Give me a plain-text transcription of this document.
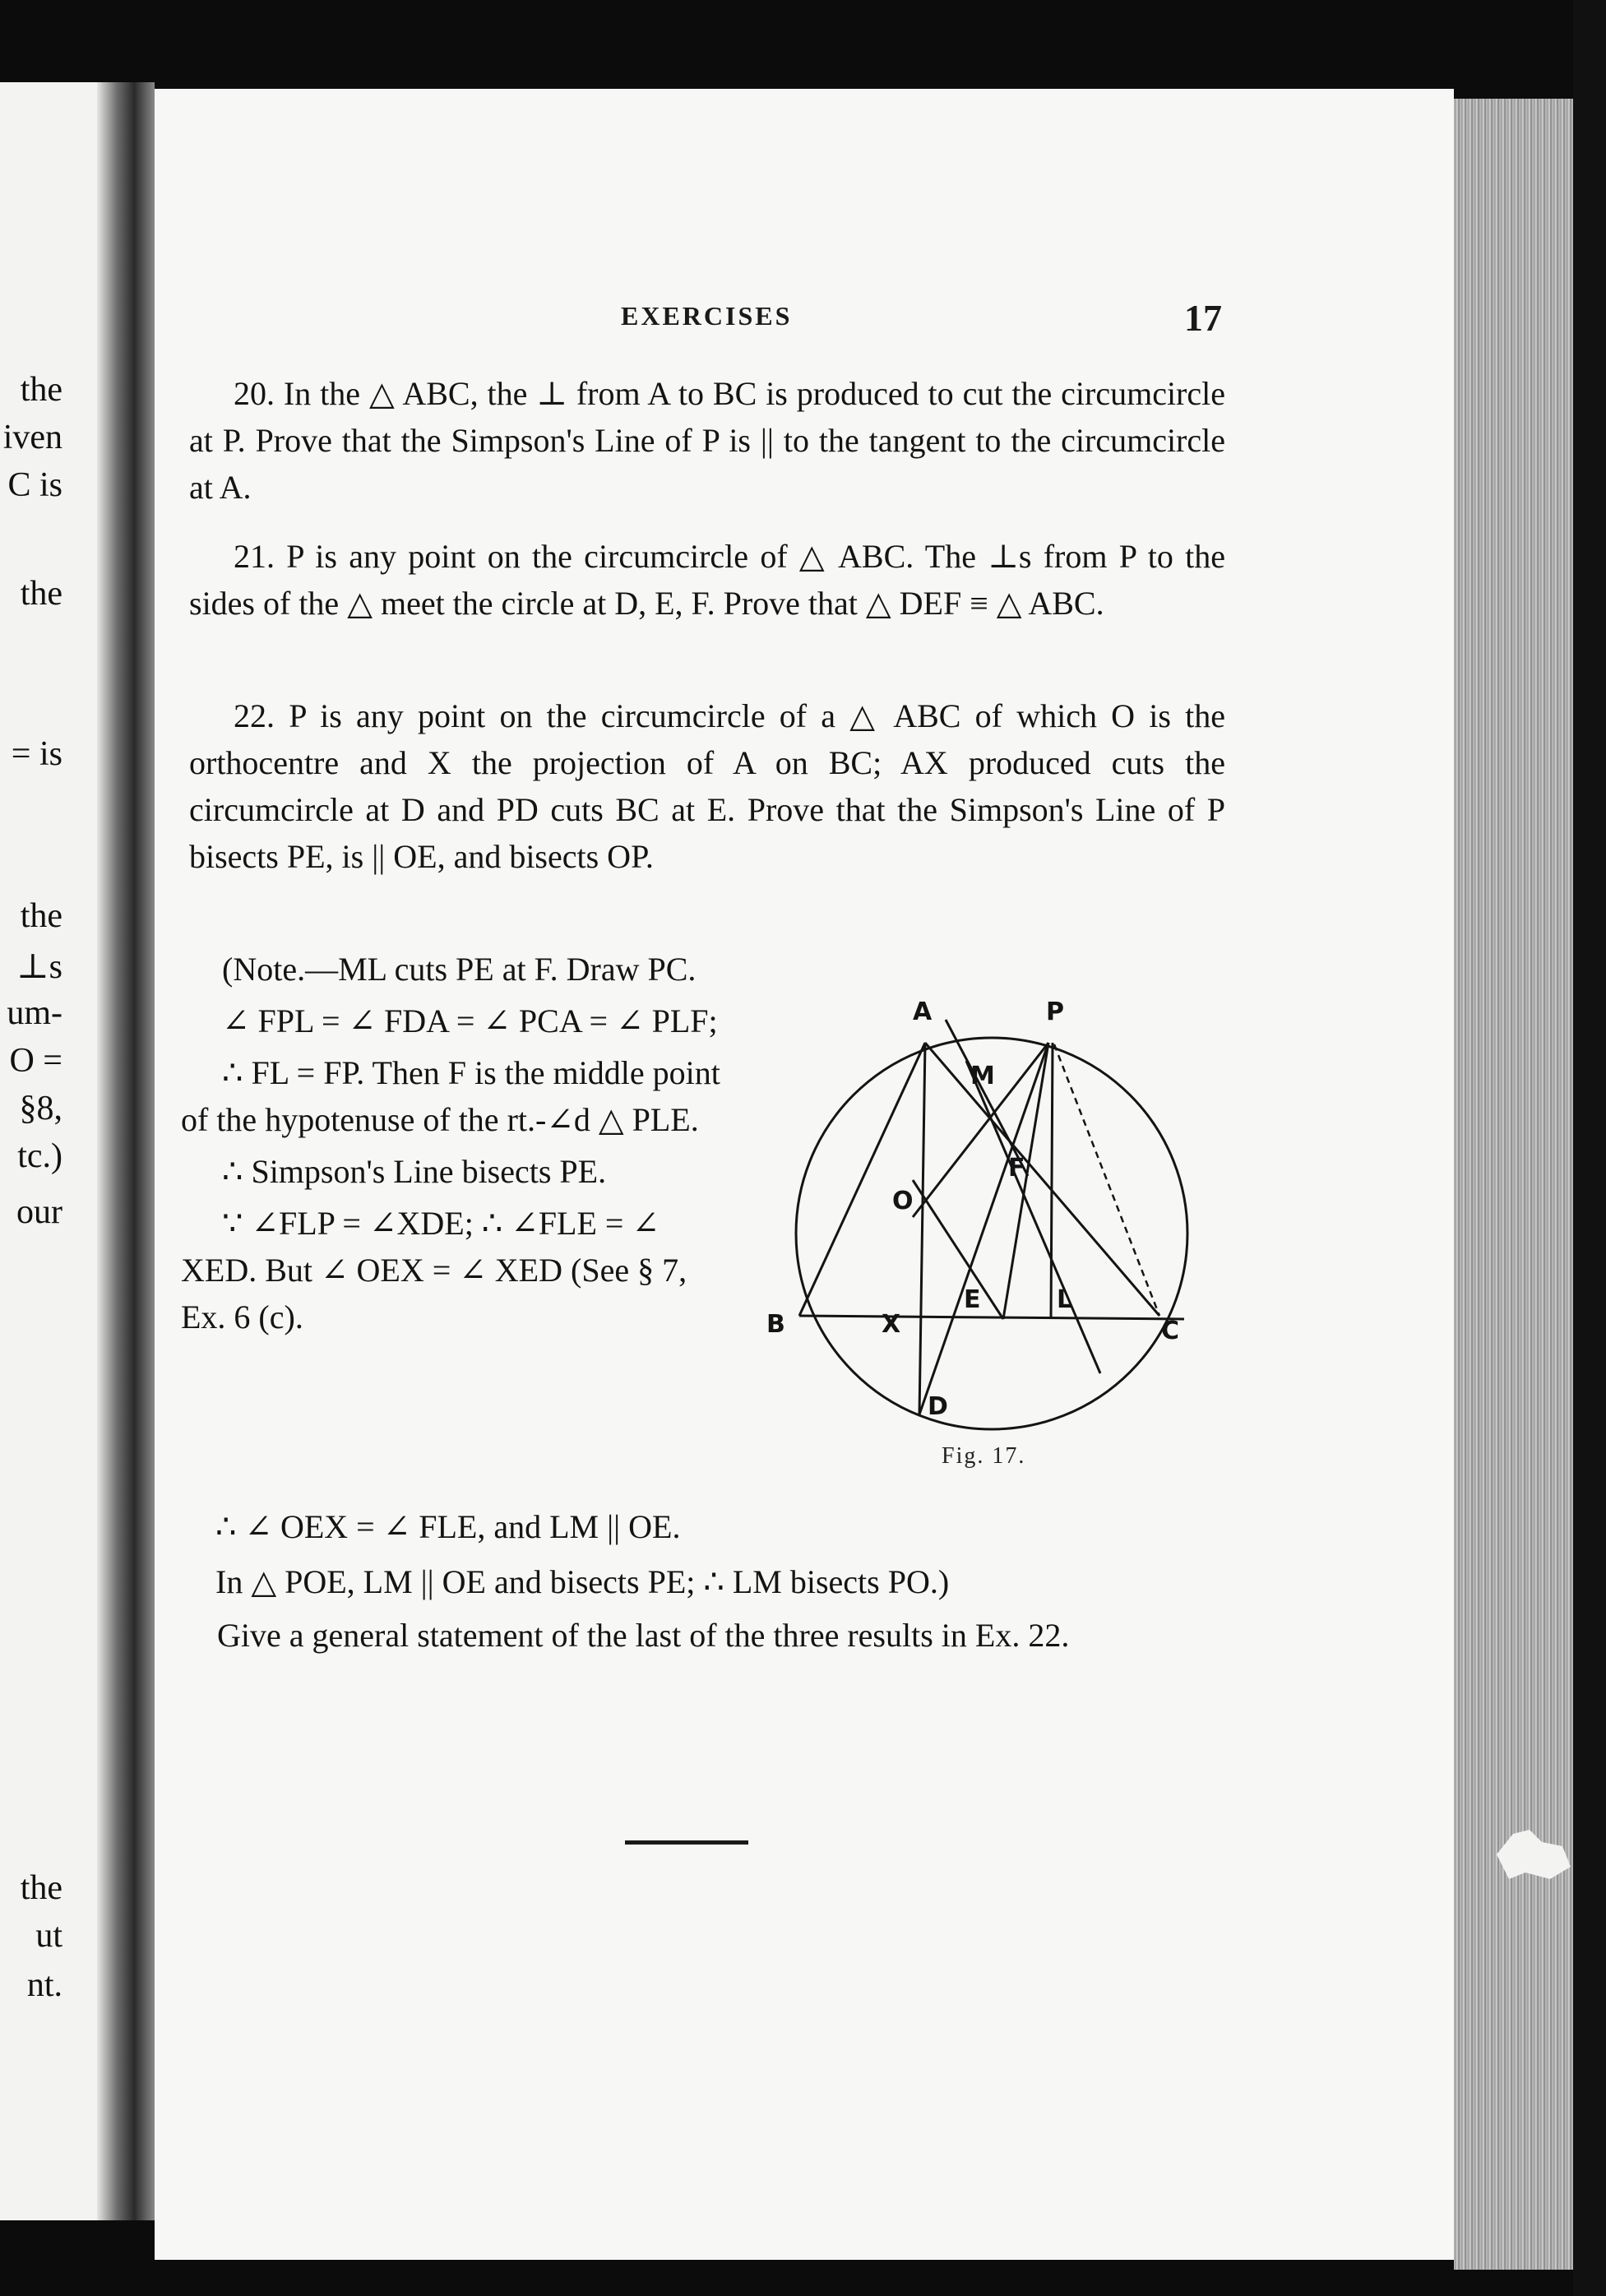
the
iven
C is
the
= is
the
⊥s
um-
O =
§8,
tc.)
our
the
ut
nt.
EXERCISES	17
20. In the △ ABC, the ⊥ from A to BC is produced to cut the circumcircle at P. Prove that the Simpson's Line of P is || to the tangent to the circumcircle at A.
21. P is any point on the circumcircle of △ ABC. The ⊥s from P to the sides of the △ meet the circle at D, E, F. Prove that △ DEF ≡ △ ABC.
22. P is any point on the circumcircle of a △ ABC of which O is the orthocentre and X the projection of A on BC; AX produced cuts the circumcircle at D and PD cuts BC at E. Prove that the Simpson's Line of P bisects PE, is || OE, and bisects OP.

(Note.—ML cuts PE at F. Draw PC.

∠ FPL = ∠ FDA = ∠ PCA = ∠ PLF;

∴ FL = FP. Then F is the middle point of the hypotenuse of the rt.-∠d △ PLE.

∴ Simpson's Line bisects PE.

∵ ∠FLP = ∠XDE; ∴ ∠FLE = ∠ XED. But ∠ OEX = ∠ XED (See § 7, Ex. 6 (c).

∴ ∠ OEX = ∠ FLE, and LM || OE.

In △ POE, LM || OE and bisects PE; ∴ LM bisects PO.)

Give a general statement of the last of the three results in Ex. 22.
A	P
M
F
O
E	L
B	X	C
D
Fig. 17.
